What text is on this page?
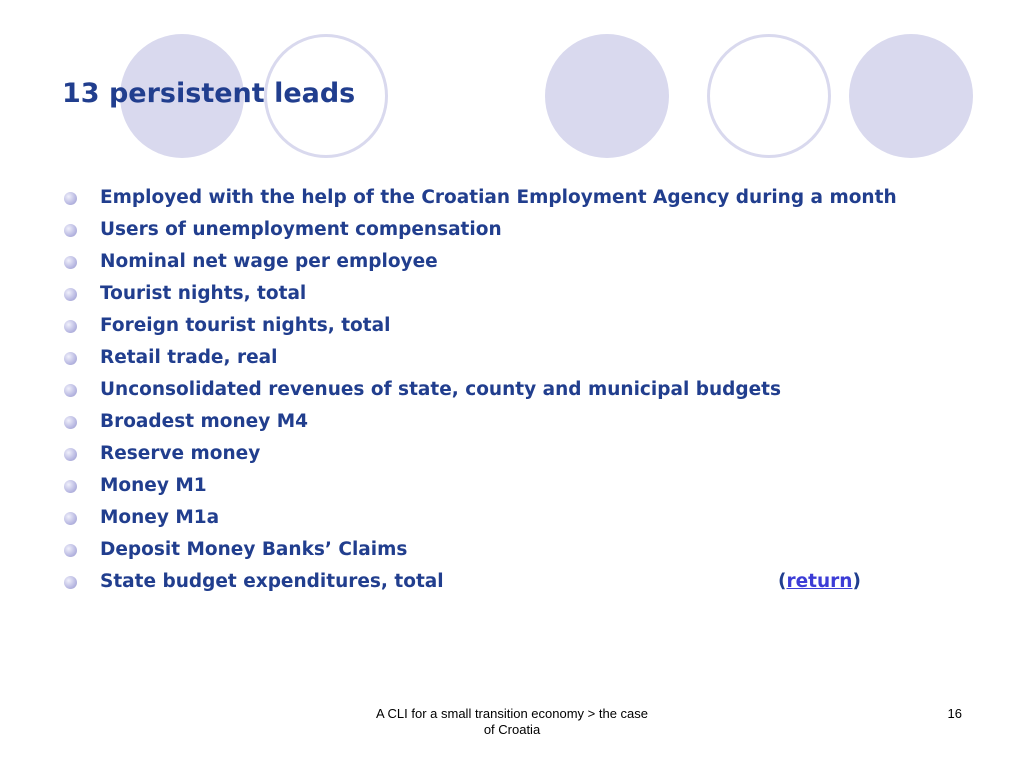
13 persistent leads
Employed with the help of the Croatian Employment Agency during a month
Users of unemployment compensation
Nominal net wage per employee
Tourist nights, total
Foreign tourist nights, total
Retail trade, real
Unconsolidated revenues of state, county and municipal budgets
Broadest money M4
Reserve money
Money M1
Money M1a
Deposit Money Banks’ Claims
State budget expenditures, total	(return)
A CLI for a small transition economy > the case
of Croatia
16
